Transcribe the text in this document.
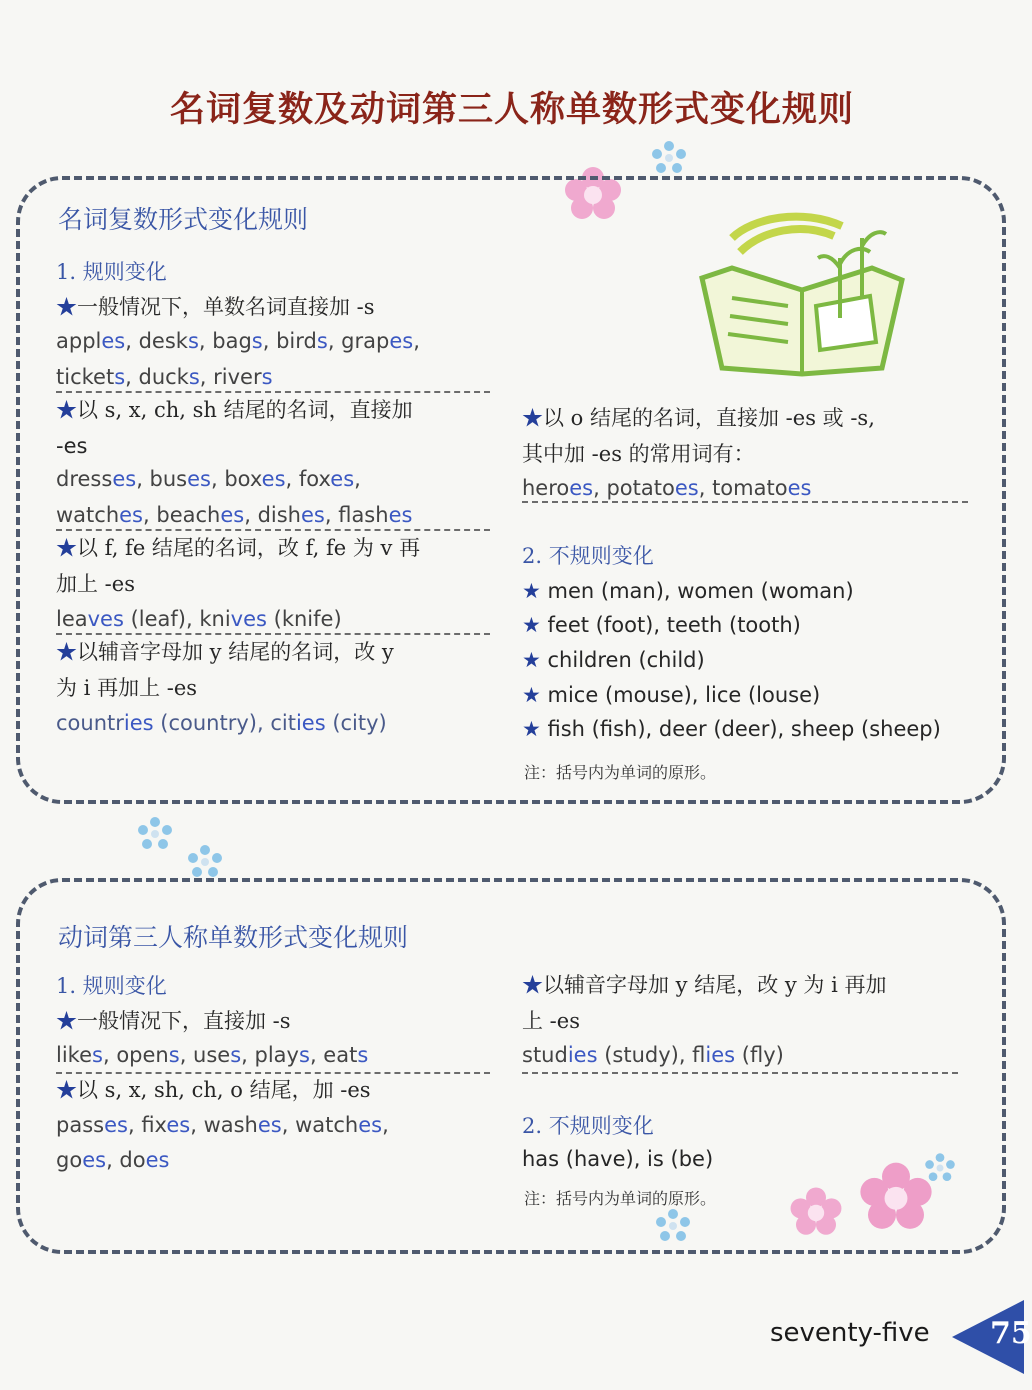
名词复数及动词第三人称单数形式变化规则
名词复数形式变化规则
1. 规则变化
★一般情况下，单数名词直接加 -s
apples, desks, bags, birds, grapes,
tickets, ducks, rivers
★以 s, x, ch, sh 结尾的名词，直接加
-es
dresses, buses, boxes, foxes,
watches, beaches, dishes, flashes
★以 f, fe 结尾的名词，改 f, fe 为 v 再
加上 -es
leaves (leaf), knives (knife)
★以辅音字母加 y 结尾的名词，改 y
为 i 再加上 -es
countries (country), cities (city)
★以 o 结尾的名词，直接加 -es 或 -s,
其中加 -es 的常用词有：
heroes, potatoes, tomatoes
2. 不规则变化
★ men (man), women (woman)
★ feet (foot), teeth (tooth)
★ children (child)
★ mice (mouse), lice (louse)
★ fish (fish), deer (deer), sheep (sheep)
注：括号内为单词的原形。
动词第三人称单数形式变化规则
1. 规则变化
★一般情况下，直接加 -s
likes, opens, uses, plays, eats
★以 s, x, sh, ch, o 结尾，加 -es
passes, fixes, washes, watches,
goes, does
★以辅音字母加 y 结尾，改 y 为 i 再加
上 -es
studies (study), flies (fly)
2. 不规则变化
has (have), is (be)
注：括号内为单词的原形。
seventy-five 75
